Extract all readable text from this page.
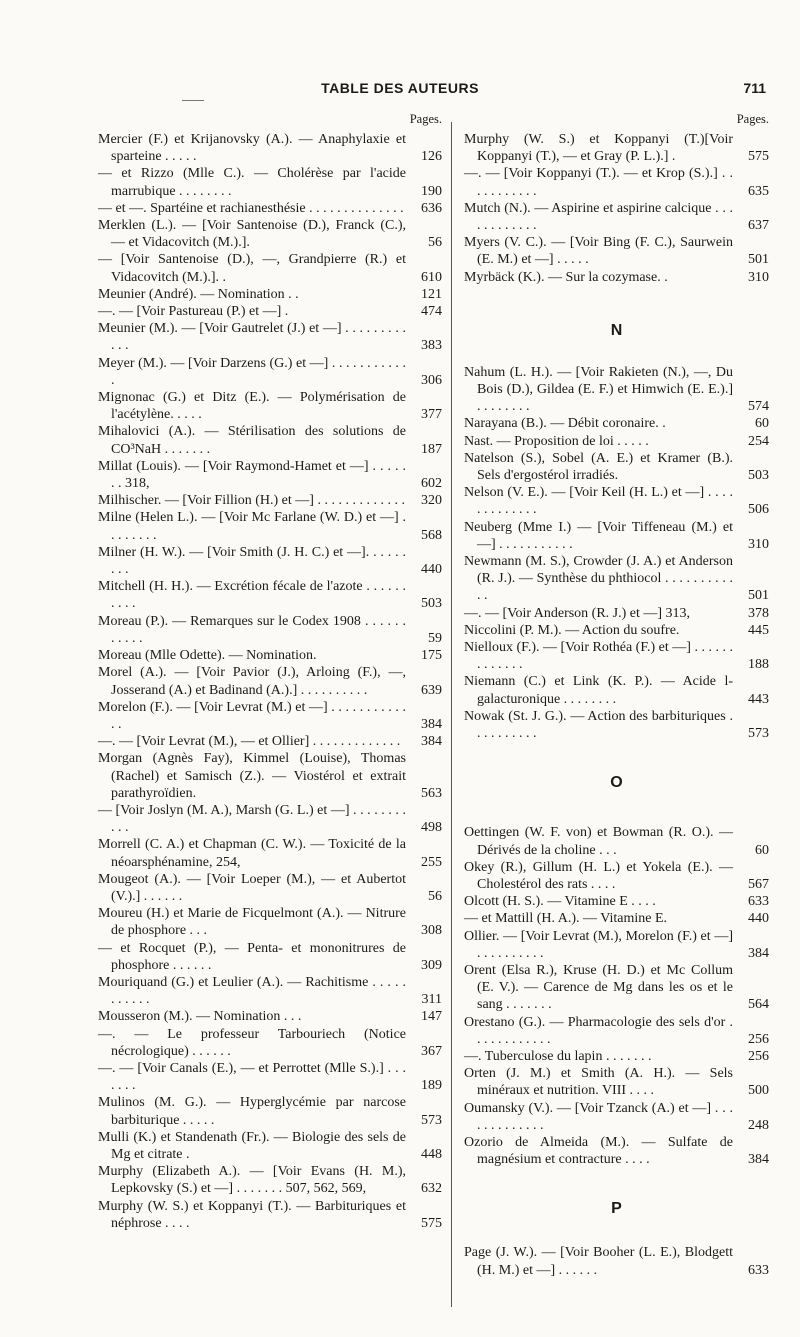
TABLE DES AUTEURS	711
Pages.
Mercier (F.) et Krijanovsky (A.). — Anaphylaxie et sparteine . . . . .	126
— et Rizzo (Mlle C.). — Cholérèse par l'acide marrubique . . . . . . . .	190
— et —. Spartéine et rachianesthésie . . . . . . . . . . . . . .	636
Merklen (L.). — [Voir Santenoise (D.), Franck (C.), — et Vidacovitch (M.).].	56
— [Voir Santenoise (D.), —, Grandpierre (R.) et Vidacovitch (M.).]. .	610
Meunier (André). — Nomination . .	121
—. — [Voir Pastureau (P.) et —] .	474
Meunier (M.). — [Voir Gautrelet (J.) et —] . . . . . . . . . . . .	383
Meyer (M.). — [Voir Darzens (G.) et —] . . . . . . . . . . . .	306
Mignonac (G.) et Ditz (E.). — Polymérisation de l'acétylène. . . . .	377
Mihalovici (A.). — Stérilisation des solutions de CO³NaH . . . . . . .	187
Millat (Louis). — [Voir Raymond-Hamet et —] . . . . . . . 318,	602
Milhischer. — [Voir Fillion (H.) et —] . . . . . . . . . . . . .	320
Milne (Helen L.). — [Voir Mc Farlane (W. D.) et —] . . . . . . . .	568
Milner (H. W.). — [Voir Smith (J. H. C.) et —]. . . . . . . . .	440
Mitchell (H. H.). — Excrétion fécale de l'azote . . . . . . . . . .	503
Moreau (P.). — Remarques sur le Codex 1908 . . . . . . . . . . .	59
Moreau (Mlle Odette). — Nomination.	175
Morel (A.). — [Voir Pavior (J.), Arloing (F.), —, Josserand (A.) et Badinand (A.).] . . . . . . . . . .	639
Morelon (F.). — [Voir Levrat (M.) et —] . . . . . . . . . . . . .	384
—. — [Voir Levrat (M.), — et Ollier] . . . . . . . . . . . . .	384
Morgan (Agnès Fay), Kimmel (Louise), Thomas (Rachel) et Samisch (Z.). — Viostérol et extrait parathyroïdien.	563
— [Voir Joslyn (M. A.), Marsh (G. L.) et —] . . . . . . . . . . .	498
Morrell (C. A.) et Chapman (C. W.). — Toxicité de la néoarsphénamine, 254,	255
Mougeot (A.). — [Voir Loeper (M.), — et Aubertot (V.).] . . . . . .	56
Moureu (H.) et Marie de Ficquelmont (A.). — Nitrure de phosphore . . .	308
— et Rocquet (P.), — Penta- et mononitrures de phosphore . . . . . .	309
Mouriquand (G.) et Leulier (A.). — Rachitisme . . . . . . . . . . .	311
Mousseron (M.). — Nomination . . .	147
—. — Le professeur Tarbouriech (Notice nécrologique) . . . . . .	367
—. — [Voir Canals (E.), — et Perrottet (Mlle S.).] . . . . . . .	189
Mulinos (M. G.). — Hyperglycémie par narcose barbiturique . . . . .	573
Mulli (K.) et Standenath (Fr.). — Biologie des sels de Mg et citrate .	448
Murphy (Elizabeth A.). — [Voir Evans (H. M.), Lepkovsky (S.) et —] . . . . . . . 507, 562, 569,	632
Murphy (W. S.) et Koppanyi (T.). — Barbituriques et néphrose . . . .	575
Pages.
Murphy (W. S.) et Koppanyi (T.)[Voir Koppanyi (T.), — et Gray (P. L.).] .	575
—. — [Voir Koppanyi (T.). — et Krop (S.).] . . . . . . . . . . .	635
Mutch (N.). — Aspirine et aspirine calcique . . . . . . . . . . . .	637
Myers (V. C.). — [Voir Bing (F. C.), Saurwein (E. M.) et —] . . . . .	501
Myrbäck (K.). — Sur la cozymase. .	310
N
Nahum (L. H.). — [Voir Rakieten (N.), —, Du Bois (D.), Gildea (E. F.) et Himwich (E. E.).] . . . . . . . .	574
Narayana (B.). — Débit coronaire. .	60
Nast. — Proposition de loi . . . . .	254
Natelson (S.), Sobel (A. E.) et Kramer (B.). Sels d'ergostérol irradiés.	503
Nelson (V. E.). — [Voir Keil (H. L.) et —] . . . . . . . . . . . . .	506
Neuberg (Mme I.) — [Voir Tiffeneau (M.) et —] . . . . . . . . . . .	310
Newmann (M. S.), Crowder (J. A.) et Anderson (R. J.). — Synthèse du phthiocol . . . . . . . . . . . .	501
—. — [Voir Anderson (R. J.) et —] 313,	378
Niccolini (P. M.). — Action du soufre.	445
Nielloux (F.). — [Voir Rothéa (F.) et —] . . . . . . . . . . . . .	188
Niemann (C.) et Link (K. P.). — Acide l-galacturonique . . . . . . . .	443
Nowak (St. J. G.). — Action des barbituriques . . . . . . . . . .	573
O
Oettingen (W. F. von) et Bowman (R. O.). — Dérivés de la choline . . .	60
Okey (R.), Gillum (H. L.) et Yokela (E.). — Cholestérol des rats . . . .	567
Olcott (H. S.). — Vitamine E . . . .	633
— et Mattill (H. A.). — Vitamine E.	440
Ollier. — [Voir Levrat (M.), Morelon (F.) et —] . . . . . . . . . .	384
Orent (Elsa R.), Kruse (H. D.) et Mc Collum (E. V.). — Carence de Mg dans les os et le sang . . . . . . .	564
Orestano (G.). — Pharmacologie des sels d'or . . . . . . . . . . . .	256
—. Tuberculose du lapin . . . . . . .	256
Orten (J. M.) et Smith (A. H.). — Sels minéraux et nutrition. VIII . . . .	500
Oumansky (V.). — [Voir Tzanck (A.) et —] . . . . . . . . . . . . .	248
Ozorio de Almeida (M.). — Sulfate de magnésium et contracture . . . .	384
P
Page (J. W.). — [Voir Booher (L. E.), Blodgett (H. M.) et —] . . . . . .	633
